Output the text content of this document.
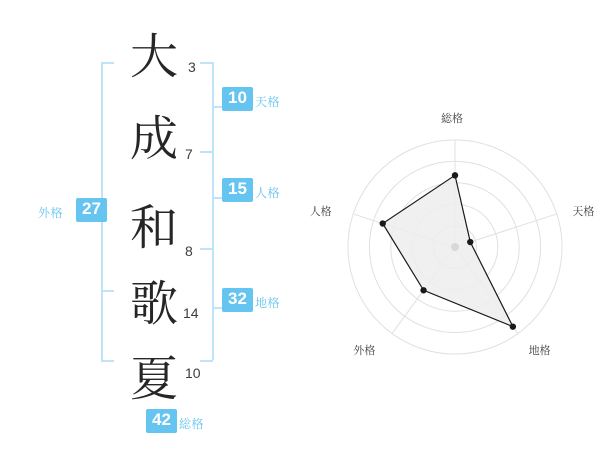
大
成
和
歌
夏
3
7
8
14
10
10 天格
15 人格
32 地格
27
外格
42 総格
総格
天格
地格
外格
人格
